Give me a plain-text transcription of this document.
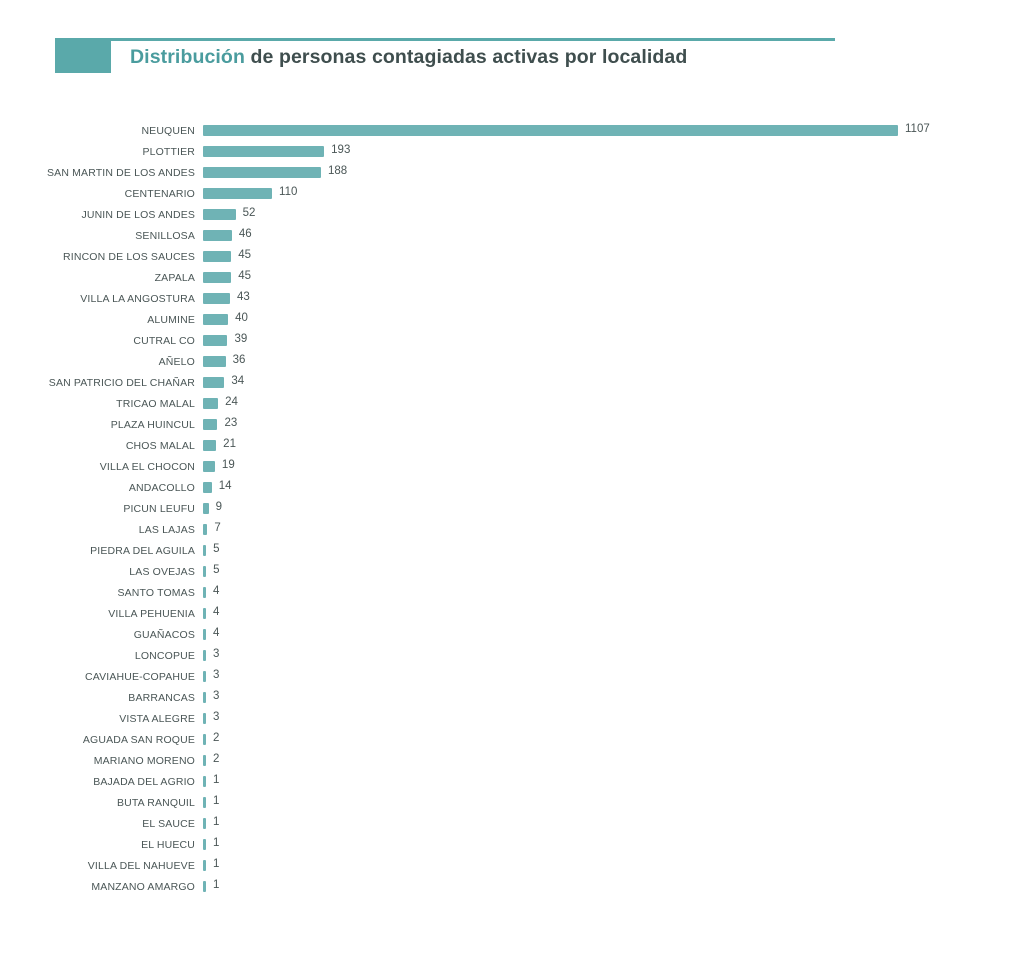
Distribución de personas contagiadas activas por localidad
NEUQUEN	1107
PLOTTIER	193
SAN MARTIN DE LOS ANDES	188
CENTENARIO	110
JUNIN DE LOS ANDES	52
SENILLOSA	46
RINCON DE LOS SAUCES	45
ZAPALA	45
VILLA LA ANGOSTURA	43
ALUMINE	40
CUTRAL CO	39
AÑELO	36
SAN PATRICIO DEL CHAÑAR	34
TRICAO MALAL	24
PLAZA HUINCUL	23
CHOS MALAL	21
VILLA EL CHOCON	19
ANDACOLLO	14
PICUN LEUFU	9
LAS LAJAS	7
PIEDRA DEL AGUILA	5
LAS OVEJAS	5
SANTO TOMAS	4
VILLA PEHUENIA	4
GUAÑACOS	4
LONCOPUE	3
CAVIAHUE-COPAHUE	3
BARRANCAS	3
VISTA ALEGRE	3
AGUADA SAN ROQUE	2
MARIANO MORENO	2
BAJADA DEL AGRIO	1
BUTA RANQUIL	1
EL SAUCE	1
EL HUECU	1
VILLA DEL NAHUEVE	1
MANZANO AMARGO	1
